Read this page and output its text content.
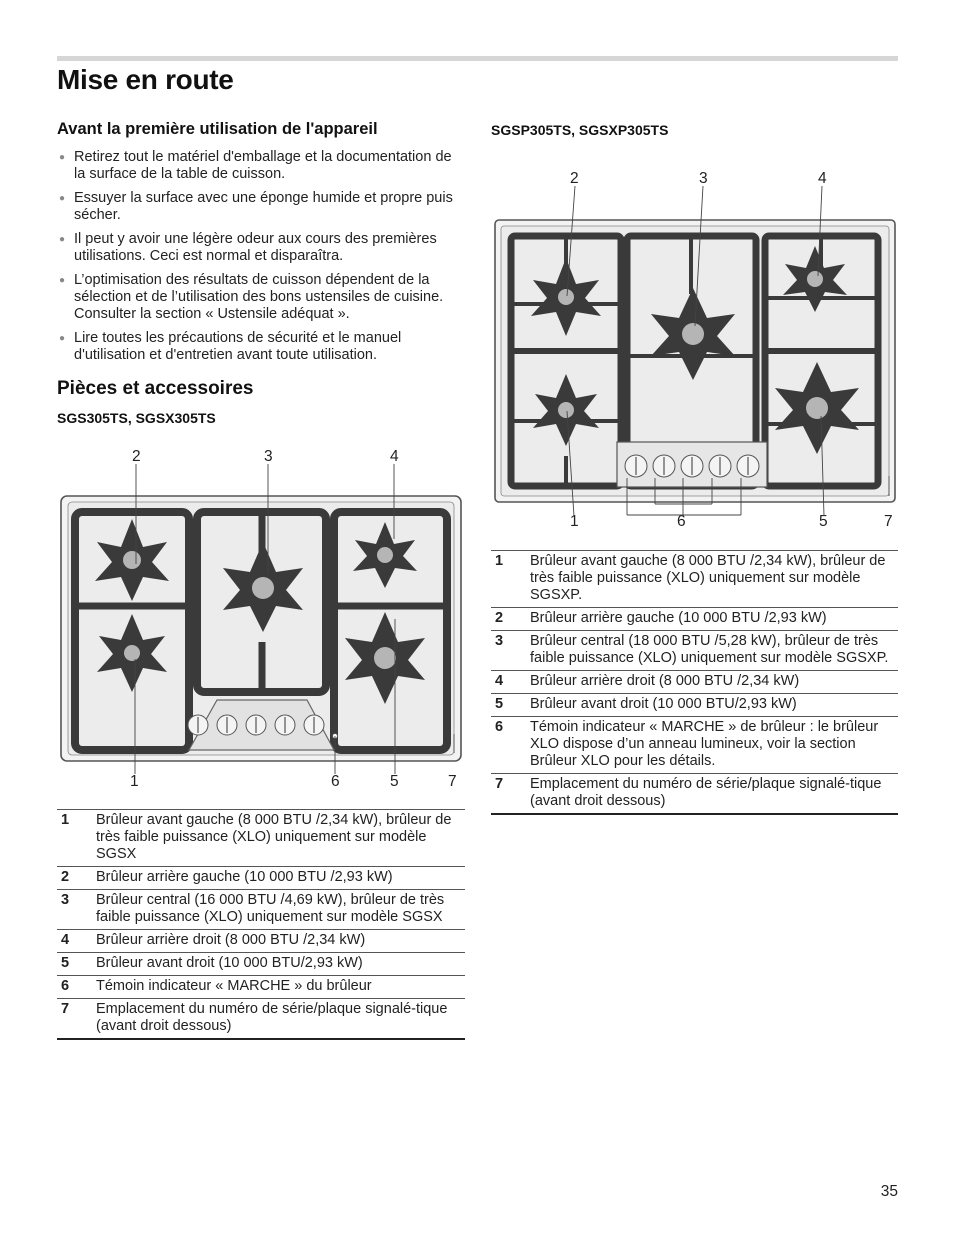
Mise en route
Avant la première utilisation de l'appareil
● Retirez tout le matériel d'emballage et la documentation de la surface de la table de cuisson.
● Essuyer la surface avec une éponge humide et propre puis sécher.
● Il peut y avoir une légère odeur aux cours des premières utilisations. Ceci est normal et disparaîtra.
● L’optimisation des résultats de cuisson dépendent de la sélection et de l’utilisation des bons ustensiles de cuisine. Consulter la section « Ustensile adéquat ».
● Lire toutes les précautions de sécurité et le manuel d'utilisation et d'entretien avant toute utilisation.
Pièces et accessoires
SGS305TS, SGSX305TS
2	3	4
1	6	5	7
1	Brûleur avant gauche (8 000 BTU /2,34 kW), brûleur de très faible puissance (XLO) uniquement sur modèle SGSX
2	Brûleur arrière gauche (10 000 BTU /2,93 kW)
3	Brûleur central (16 000 BTU /4,69 kW), brûleur de très faible puissance (XLO) uniquement sur modèle SGSX
4	Brûleur arrière droit (8 000 BTU /2,34 kW)
5	Brûleur avant droit (10 000 BTU/2,93 kW)
6	Témoin indicateur « MARCHE » du brûleur
7	Emplacement du numéro de série/plaque signalé-tique
(avant droit dessous)
SGSP305TS, SGSXP305TS
2	3	4
1	6	5	7
1	Brûleur avant gauche (8 000 BTU /2,34 kW), brûleur de très faible puissance (XLO) uniquement sur modèle SGSXP.
2	Brûleur arrière gauche (10 000 BTU /2,93 kW)
3	Brûleur central (18 000 BTU /5,28 kW), brûleur de très faible puissance (XLO) uniquement sur modèle SGSXP.
4	Brûleur arrière droit (8 000 BTU /2,34 kW)
5	Brûleur avant droit (10 000 BTU/2,93 kW)
6	Témoin indicateur « MARCHE » de brûleur : le brûleur XLO dispose d’un anneau lumineux, voir la section Brûleur XLO pour les détails.
7	Emplacement du numéro de série/plaque signalé-tique
(avant droit dessous)
35
